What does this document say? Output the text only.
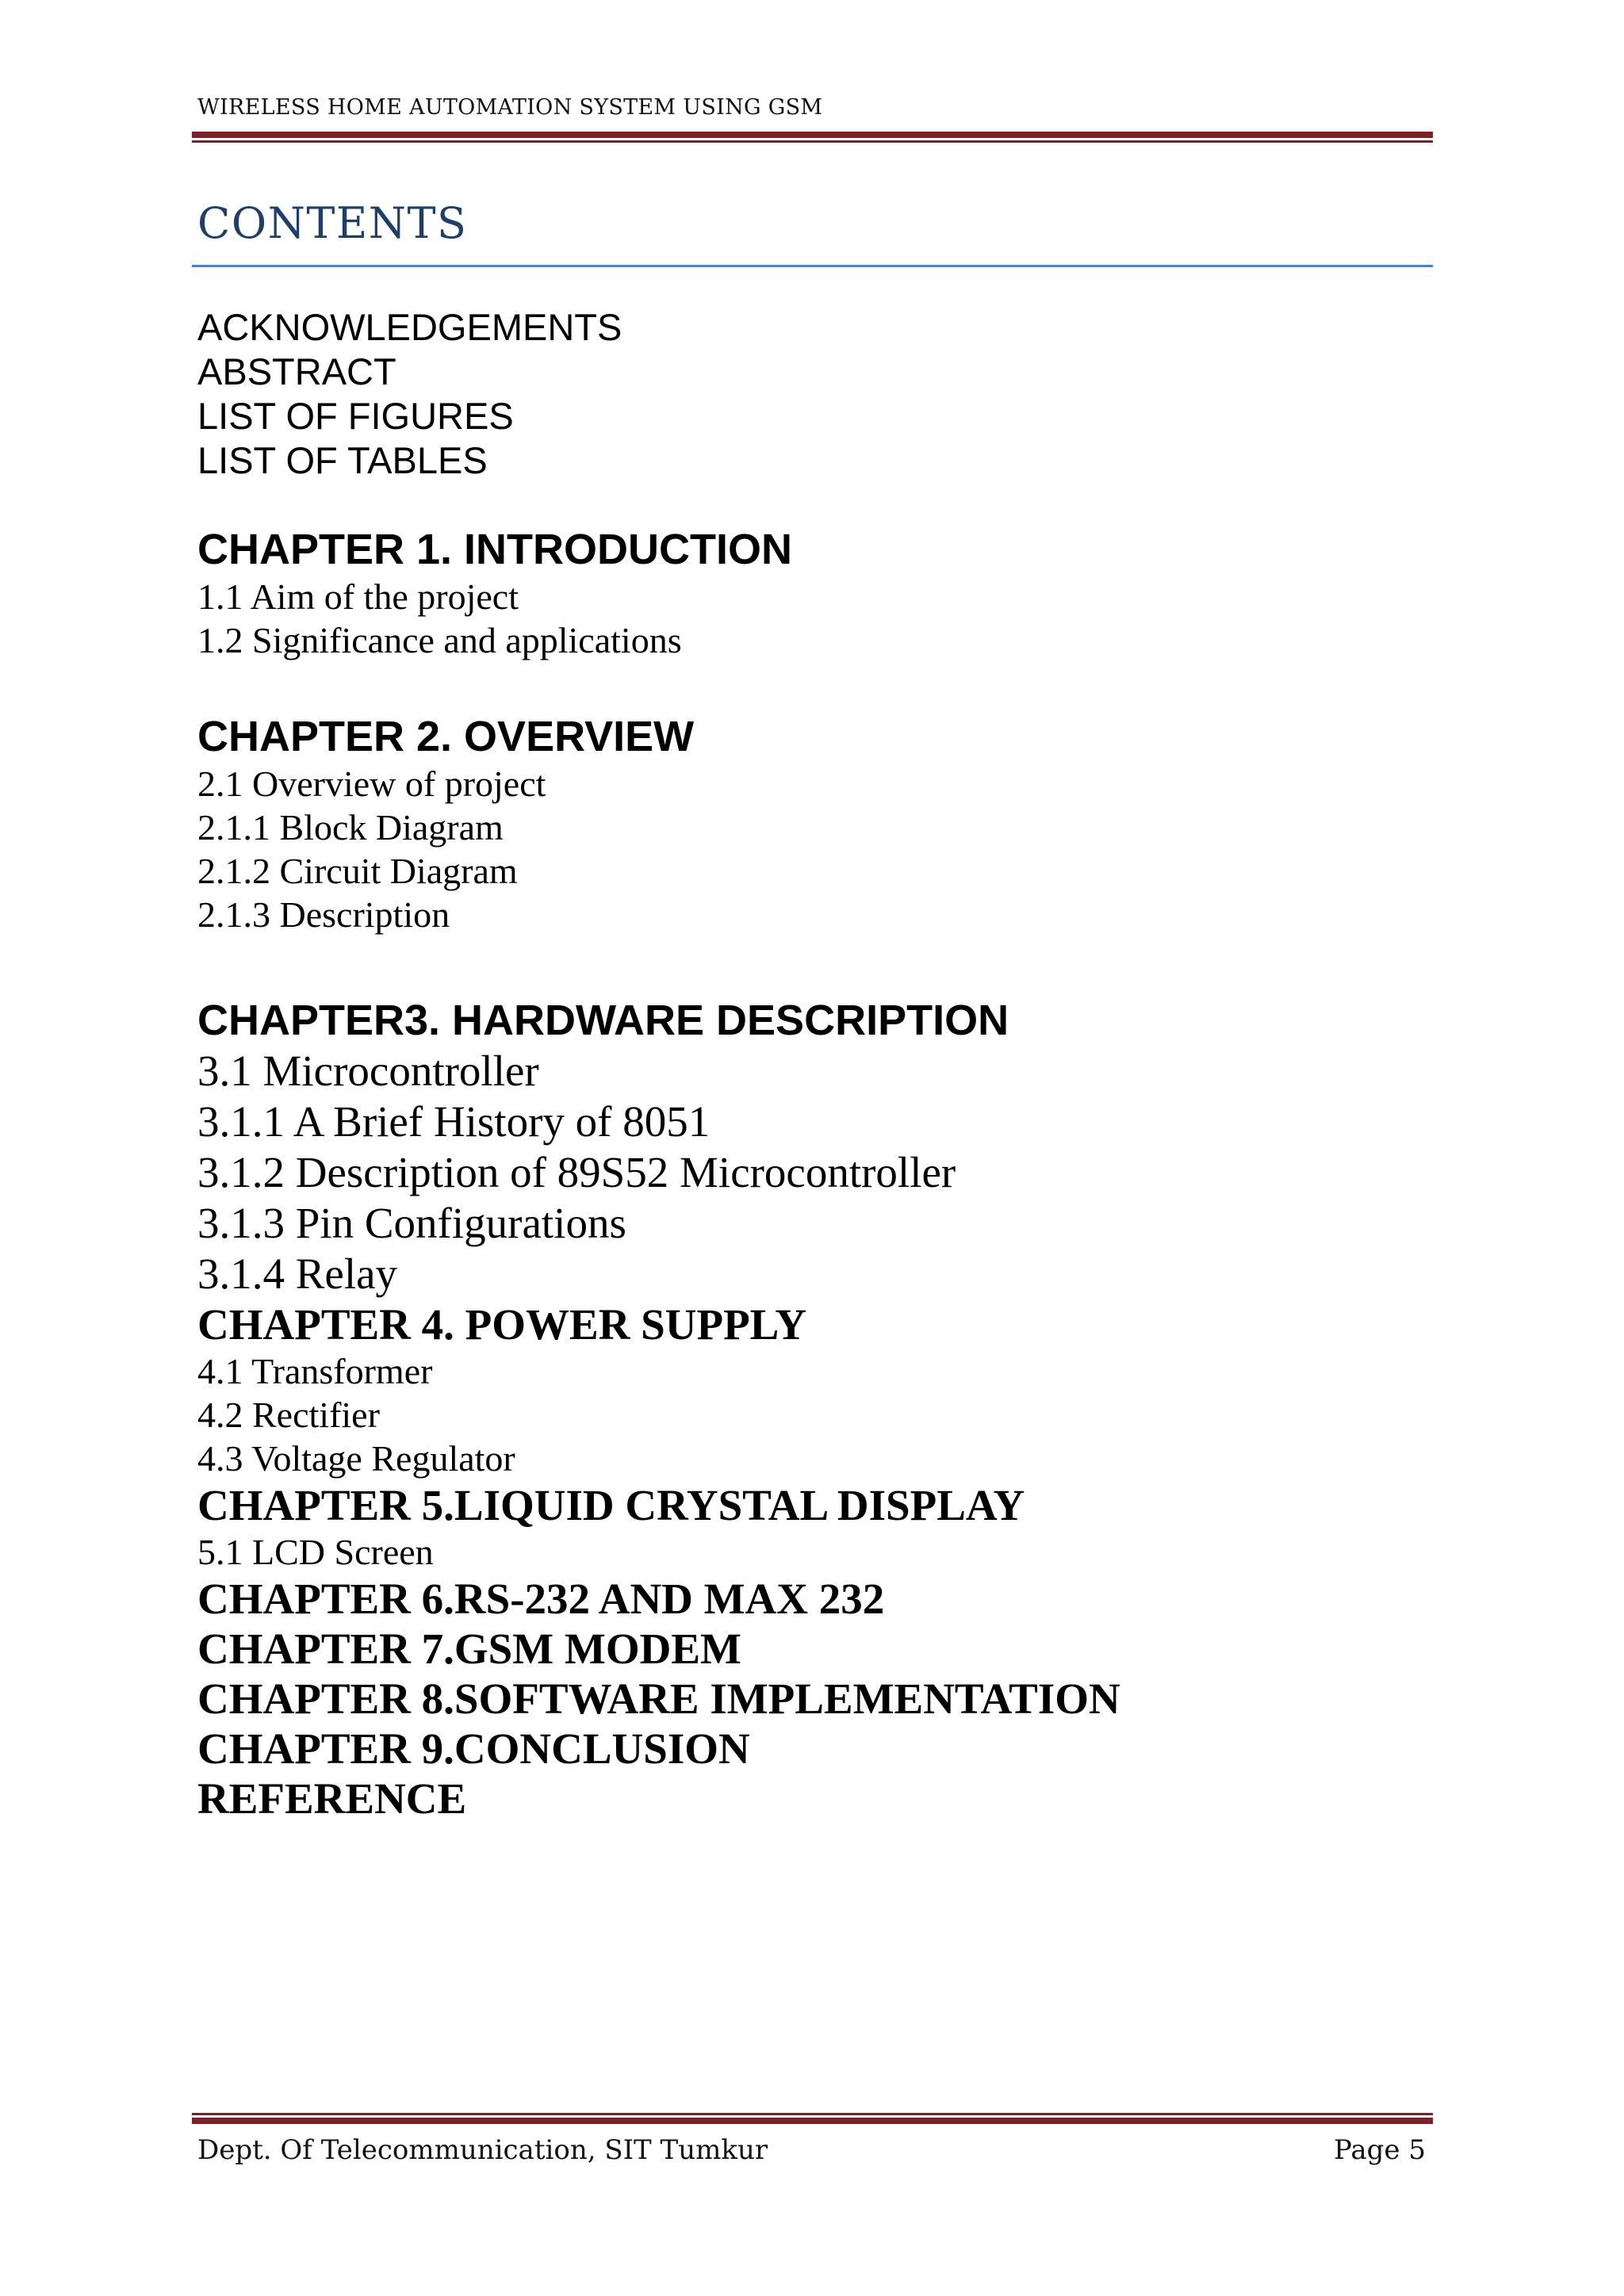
WIRELESS HOME AUTOMATION SYSTEM USING GSM
CONTENTS
ACKNOWLEDGEMENTS
ABSTRACT
LIST OF FIGURES
LIST OF TABLES
CHAPTER 1. INTRODUCTION
1.1 Aim of the project
1.2 Significance and applications
CHAPTER 2. OVERVIEW
2.1 Overview of project
2.1.1 Block Diagram
2.1.2 Circuit Diagram
2.1.3 Description
CHAPTER3. HARDWARE DESCRIPTION
3.1 Microcontroller
3.1.1 A Brief History of 8051
3.1.2 Description of 89S52 Microcontroller
3.1.3 Pin Configurations
3.1.4 Relay
CHAPTER 4. POWER SUPPLY
4.1 Transformer
4.2 Rectifier
4.3 Voltage Regulator
CHAPTER 5.LIQUID CRYSTAL DISPLAY
5.1 LCD Screen
CHAPTER 6.RS-232 AND MAX 232
CHAPTER 7.GSM MODEM
CHAPTER 8.SOFTWARE IMPLEMENTATION
CHAPTER 9.CONCLUSION
REFERENCE
Dept. Of Telecommunication, SIT Tumkur	Page 5
